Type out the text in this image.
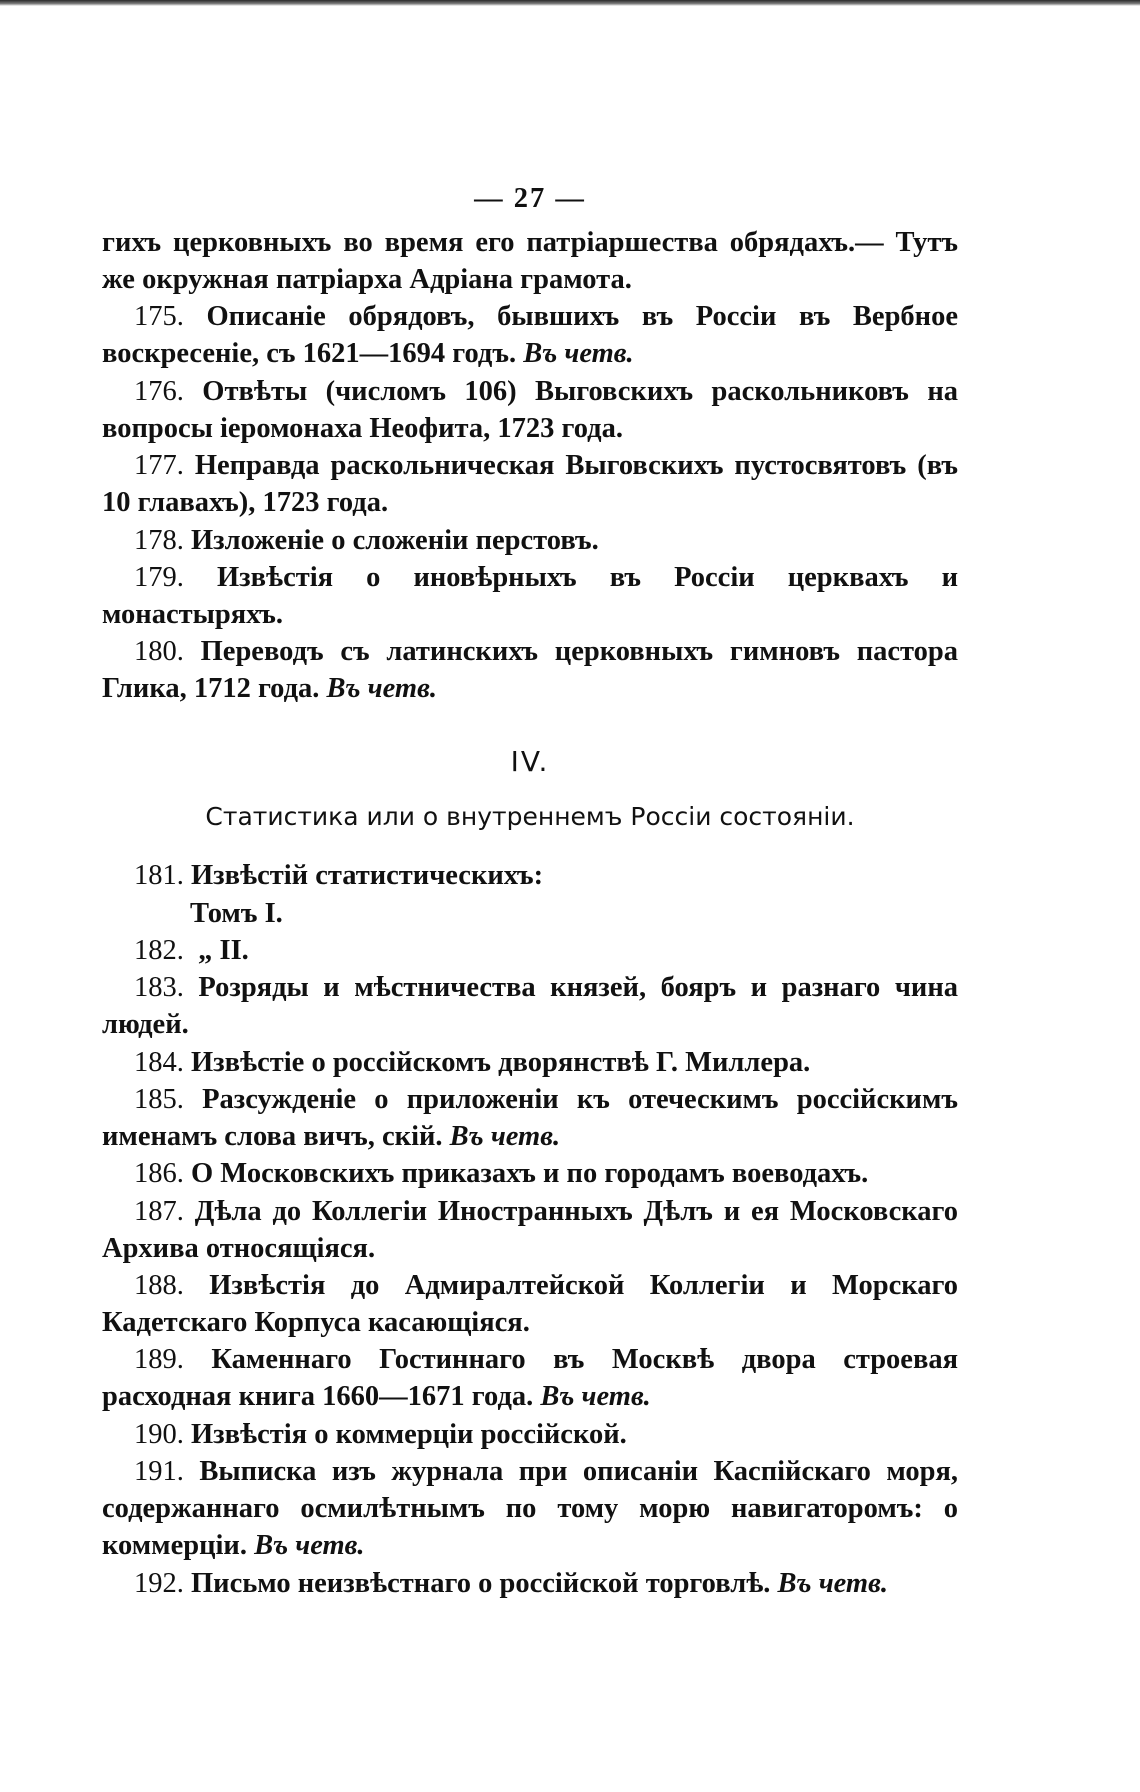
— 27 —

гихъ церковныхъ во время его патріаршества обрядахъ.— Тутъ же окружная патріарха Адріана грамота.

175. Описаніе обрядовъ, бывшихъ въ Россіи въ Вербное воскресеніе, съ 1621—1694 годъ. Въ четв.

176. Отвѣты (числомъ 106) Выговскихъ раскольниковъ на вопросы іеромонаха Неофита, 1723 года.

177. Неправда раскольническая Выговскихъ пустосвятовъ (въ 10 главахъ), 1723 года.

178. Изложеніе о сложеніи перстовъ.

179. Извѣстія о иновѣрныхъ въ Россіи церквахъ и монастыряхъ.

180. Переводъ съ латинскихъ церковныхъ гимновъ пастора Глика, 1712 года. Въ четв.

IV.
Статистика или о внутреннемъ Россіи состояніи.

181. Извѣстій статистическихъ:

Томъ I.

182. „ II.

183. Розряды и мѣстничества князей, бояръ и разнаго чина людей.

184. Извѣстіе о россійскомъ дворянствѣ Г. Миллера.

185. Разсужденіе о приложеніи къ отеческимъ россійскимъ именамъ слова вичъ, скій. Въ четв.

186. О Московскихъ приказахъ и по городамъ воеводахъ.

187. Дѣла до Коллегіи Иностранныхъ Дѣлъ и ея Московскаго Архива относящіяся.

188. Извѣстія до Адмиралтейской Коллегіи и Морскаго Кадетскаго Корпуса касающіяся.

189. Каменнаго Гостиннаго въ Москвѣ двора строевая расходная книга 1660—1671 года. Въ четв.

190. Извѣстія о коммерціи россійской.

191. Выписка изъ журнала при описаніи Каспійскаго моря, содержаннаго осмилѣтнымъ по тому морю навигаторомъ: о коммерціи. Въ четв.

192. Письмо неизвѣстнаго о россійской торговлѣ. Въ четв.
